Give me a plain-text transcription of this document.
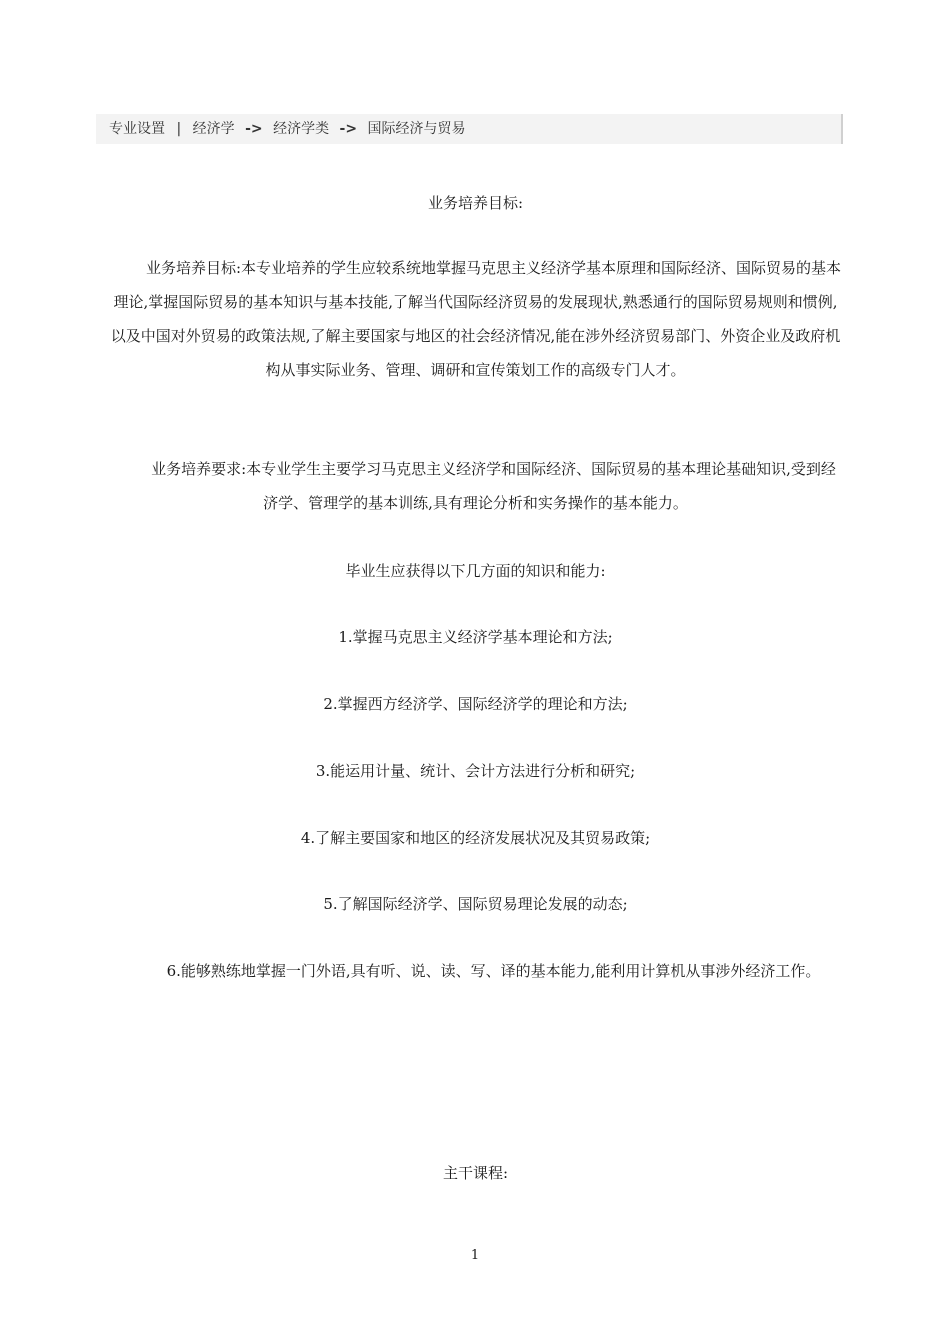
专业设置 | 经济学 -> 经济学类 -> 国际经济与贸易
业务培养目标:
业务培养目标:本专业培养的学生应较系统地掌握马克思主义经济学基本原理和国际经济、国际贸易的基本理论,掌握国际贸易的基本知识与基本技能,了解当代国际经济贸易的发展现状,熟悉通行的国际贸易规则和惯例,以及中国对外贸易的政策法规,了解主要国家与地区的社会经济情况,能在涉外经济贸易部门、外资企业及政府机构从事实际业务、管理、调研和宣传策划工作的高级专门人才。
业务培养要求:本专业学生主要学习马克思主义经济学和国际经济、国际贸易的基本理论基础知识,受到经济学、管理学的基本训练,具有理论分析和实务操作的基本能力。
毕业生应获得以下几方面的知识和能力:
1.掌握马克思主义经济学基本理论和方法;
2.掌握西方经济学、国际经济学的理论和方法;
3.能运用计量、统计、会计方法进行分析和研究;
4.了解主要国家和地区的经济发展状况及其贸易政策;
5.了解国际经济学、国际贸易理论发展的动态;
6.能够熟练地掌握一门外语,具有听、说、读、写、译的基本能力,能利用计算机从事涉外经济工作。
主干课程:
1
